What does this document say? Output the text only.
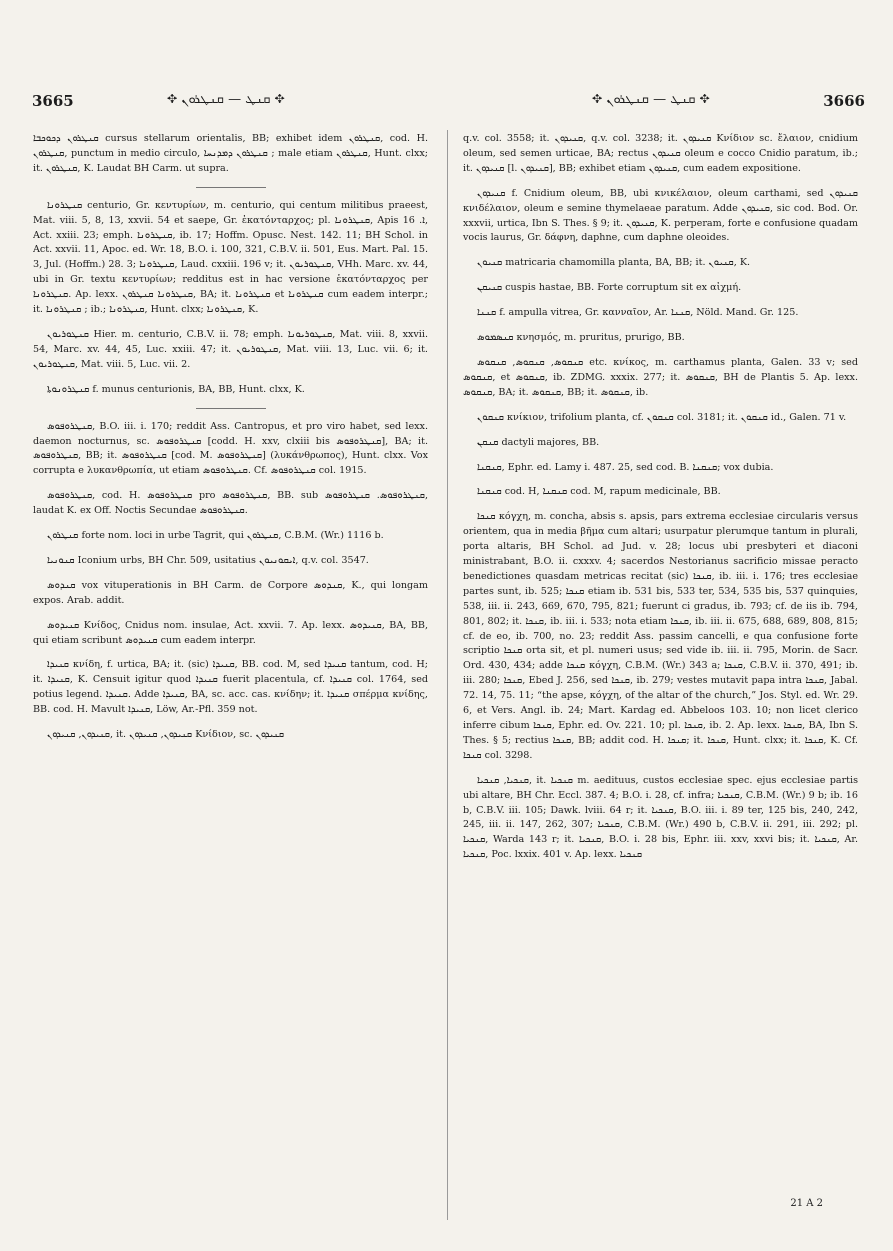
3665	✥ ܩܢܛ — ܩܢܛܪܘܢ ✥	✥ ܩܢܛ — ܩܢܛܪܘܢ ✥	3666

ܩܢܛܪܘܢ ܕܟܘܟܒܐ cursus stellarum orientalis, BB; exhibet idem ܩܢܛܪܘܢ, cod. H. ܩܢܛܪܘܢ, punctum in medio circulo, ܩܢܛܪܘܢ ܕܡܕܢܚܐ ; male etiam ܩܢܛܪܘܢ, Hunt. clxx; it. ܩܢܛܪܘܢ, K. Laudat BH Carm. ut supra.

ܩܢܛܪܘܢܐ centurio, Gr. κεντυρίων, m. centurio, qui centum militibus praeest, Mat. viii. 5, 8, 13, xxvii. 54 et saepe, Gr. ἑκατόνταρχος; pl. ܩܢܛܪܘܢܐ, Apis ܐ. 16, Act. xxiii. 23; emph. ܩܢܛܪܘܢܐ, ib. 17; Hoffm. Opusc. Nest. 142. 11; BH Schol. in Act. xxvii. 11, Apoc. ed. Wr. 18, B.O. i. 100, 321, C.B.V. ii. 501, Eus. Mart. Pal. 15. 3, Jul. (Hoffm.) 28. 3; ܩܢܛܪܘܢܐ, Laud. cxxiii. 196 v; it. ܩܢܛܘܪܝܘܢ, VHh. Marc. xv. 44, ubi in Gr. textu κεντυρίων; redditus est in hac versione ἑκατόνταρχος per ܩܢܛܪܘܢܐ. Ap. lexx. ܩܢܛܪܘܢܐ ܩܢܛܪܘܢ, BA; it. ܩܢܛܪܘܢܐ et ܩܢܛܪܘܢܐ cum eadem interpr.; it. ܩܢܛܪܘܢܐ ; ib.; ܩܢܛܪܘܢܐ, Hunt. clxx; ܩܢܛܪܘܢܐ, K.

ܩܢܛܘܪܝܘܢ Hier. m. centurio, C.B.V. ii. 78; emph. ܩܢܛܘܪܝܘܢܐ, Mat. viii. 8, xxvii. 54, Marc. xv. 44, 45, Luc. xxiii. 47; it. ܩܢܛܘܪܝܘܢ, Mat. viii. 13, Luc. vii. 6; it. ܩܢܛܘܪܝܘܢ, Mat. viii. 5, Luc. vii. 2.

ܩܢܛܪܘܢܘܬܐ f. munus centurionis, BA, BB, Hunt. clxx, K.

ܩܢܛܪܘܦܘܣ, B.O. iii. i. 170; reddit Ass. Cantropus, et pro viro habet, sed lexx. daemon nocturnus, sc. ܩܢܛܪܘܦܘܣ [codd. H. xxv, clxiii bis ܩܢܛܪܘܦܘܣ], BA; it. ܩܢܛܪܘܦܘܣ, BB; it. ܩܢܛܪܘܦܘܣ [cod. M. ܩܢܛܪܘܦܘܣ] (λυκάνθρωπος), Hunt. clxx. Vox corrupta e λυκανθρωπία, ut etiam ܩܢܛܪܘܦܘܣ. Cf. ܩܢܛܪܘܦܘܣ col. 1915.

ܩܢܛܪܘܦܘܣ, cod. H. ܩܢܛܪܘܦܘܣ pro ܩܢܛܪܘܦܘܣ, BB. sub ܩܢܛܪܘܦܘܣ. ܩܢܛܪܘܦܘܣ, laudat K. ex Off. Noctis Secundae ܩܢܛܪܘܦܘܣ.

ܩܢܛܪܘܢ forte nom. loci in urbe Tagrit, qui ܩܢܛܪܘܢ, C.B.M. (Wr.) 1116 b.

ܩܢܘܢܝܐ Iconium urbs, BH Chr. 509, usitatius ܐܝܩܘܢܝܘܢ, q.v. col. 3547.

ܩܢܕܘܣ vox vituperationis in BH Carm. de Corpore ܩܢܕܘܣ, K., qui longam expos. Arab. addit.

ܩܢܝܕܘܣ Κνίδος, Cnidus nom. insulae, Act. xxvii. 7. Ap. lexx. ܩܢܝܕܘܣ, BA, BB, qui etiam scribunt ܩܢܝܕܘܣ cum eadem interpr.

ܩܢܝܕܐ κνίδη, f. urtica, BA; it. (sic) ܩܢܝܕܐ, BB. cod. M, sed ܩܢܝܕܐ tantum, cod. H; it. ܩܢܝܕܐ, K. Censuit igitur quod ܩܢܝܕܐ fuerit placentula, cf. ܩܢܝܕܐ col. 1764, sed potius legend. ܩܢܝܕܐ. Adde ܩܢܝܕܐ, BA, sc. acc. cas. κνίδην; it. ܩܢܝܕܐ σπέρμα κνίδης, BB. cod. H. Mavult ܩܢܝܕܐ, Löw, Ar.-Pfl. 359 not.

ܩܢܝܕܘܢ, ܩܢܝܕܘܢ, it. ܩܢܝܕܘܢ, ܩܢܝܕܘܢ Κνίδιον, sc. ܩܢܝܕܘܢ

q.v. col. 3558; it. ܩܢܝܕܘܢ, q.v. col. 3238; it. ܩܢܝܕܘܢ Κνίδιον sc. ἔλαιον, cnidium oleum, sed semen urticae, BA; rectus ܩܢܝܕܘܢ oleum e cocco Cnidio paratum, ib.; it. ܩܢܝܕܘܢ [l. ܩܢܝܕܘܢ], BB; exhibet etiam ܩܢܝܕܘܢ, cum eadem expositione.

ܩܢܝܕܘܢ f. Cnidium oleum, BB, ubi κνικέλαιον, oleum carthami, sed ܩܢܝܕܘܢ κνιδέλαιον, oleum e semine thymelaeae paratum. Adde ܩܢܝܕܘܢ, sic cod. Bod. Or. xxxvii, urtica, Ibn S. Thes. § 9; it. ܩܢܝܕܘܢ, K. perperam, forte e confusione quadam vocis laurus, Gr. δάφνη, daphne, cum daphne oleoides.

ܩܢܝܘܢ matricaria chamomilla planta, BA, BB; it. ܩܢܝܘܢ, K.

ܩܢܝܩܢ cuspis hastae, BB. Forte corruptum sit ex αἰχμή.

ܩܢܢܐ f. ampulla vitrea, Gr. κανναῖον, Ar. ܩܢܢܐ, Nöld. Mand. Gr. 125.

ܩܢܣܡܘܣ κνησμός, m. pruritus, prurigo, BB.

ܩܢܩܘܣ, ܩܢܩܘܣ, ܩܢܩܘܣ etc. κνίκος, m. carthamus planta, Galen. 33 v; sed ܩܢܩܘܣ, et ܩܢܩܘܣ, ib. ZDMG. xxxix. 277; it. ܩܢܩܘܣ, BH de Plantis 5. Ap. lexx. ܩܢܩܘܣ, BA; it. ܩܢܩܘܣ, BB; it. ܩܢܩܘܣ, ib.

ܩܢܩܘܢ κνίκιον, trifolium planta, cf. ܩܢܩܘܢ col. 3181; it. ܩܢܩܘܢ id., Galen. 71 v.

ܩܢܩܢ dactyli majores, BB.

ܩܢܩܢܐ, Ephr. ed. Lamy i. 487. 25, sed cod. B. ܩܢܩܢܐ; vox dubia.

ܩܢܩܢܐ cod. H, ܩܢܩܢܐ cod. M, rapum medicinale, BB.

ܩܢܟܐ κόγχη, m. concha, absis s. apsis, pars extrema ecclesiae circularis versus orientem, qua in media βῆμα cum altari; usurpatur plerumque tantum in plurali, porta altaris, BH Schol. ad Jud. v. 28; locus ubi presbyteri et diaconi ministrabant, B.O. ii. cxxxv. 4; sacerdos Nestorianus sacrificio missae peracto benedictiones quasdam metricas recitat (sic) ܩܢܟܐ, ib. iii. i. 176; tres ecclesiae partes sunt, ib. 525; ܩܢܟܐ etiam ib. 531 bis, 533 ter, 534, 535 bis, 537 quinquies, 538, iii. ii. 243, 669, 670, 795, 821; fuerunt ci gradus, ib. 793; cf. de iis ib. 794, 801, 802; it. ܩܢܟܐ, ib. iii. i. 533; nota etiam ܩܢܟܐ, ib. iii. ii. 675, 688, 689, 808, 815; cf. de eo, ib. 700, no. 23; reddit Ass. passim cancelli, e qua confusione forte scriptio ܩܢܟܐ orta sit, et pl. numeri usus; sed vide ib. iii. ii. 795, Morin. de Sacr. Ord. 430, 434; adde ܩܢܟܐ κόγχη, C.B.M. (Wr.) 343 a; ܩܢܟܐ, C.B.V. ii. 370, 491; ib. iii. 280; ܩܢܟܐ, Ebed J. 256, sed ܩܢܟܐ, ib. 279; vestes mutavit papa intra ܩܢܟܐ, Jabal. 72. 14, 75. 11; “the apse, κόγχη, of the altar of the church,” Jos. Styl. ed. Wr. 29. 6, et Vers. Angl. ib. 24; Mart. Kardag ed. Abbeloos 103. 10; non licet clerico inferre cibum ܩܢܟܐ, Ephr. ed. Ov. 221. 10; pl. ܩܢܟܐ, ib. 2. Ap. lexx. ܩܢܟܐ, BA, Ibn S. Thes. § 5; rectius ܩܢܟܐ, BB; addit cod. H. ܩܢܟܐ; it. ܩܢܟܐ, Hunt. clxx; it. ܩܢܟܐ, K. Cf. ܩܢܟܐ col. 3298.

ܩܢܟܝܐ, ܩܢܟܝܐ, it. ܩܢܟܝܐ m. aedituus, custos ecclesiae spec. ejus ecclesiae partis ubi altare, BH Chr. Eccl. 387. 4; B.O. i. 28, cf. infra; ܩܢܟܝܐ, C.B.M. (Wr.) 9 b; ib. 16 b, C.B.V. iii. 105; Dawk. lviii. 64 r; it. ܩܢܟܝܐ, B.O. iii. i. 89 ter, 125 bis, 240, 242, 245, iii. ii. 147, 262, 307; ܩܢܟܝܐ, C.B.M. (Wr.) 490 b, C.B.V. ii. 291, iii. 292; pl. ܩܢܟܝܐ, Warda 143 r; it. ܩܢܟܝܐ, B.O. i. 28 bis, Ephr. iii. xxv, xxvi bis; it. ܩܢܟܝܐ, Ar. ܩܢܟܝܐ, Poc. lxxix. 401 v. Ap. lexx. ܩܢܟܝܐ

21 A 2
